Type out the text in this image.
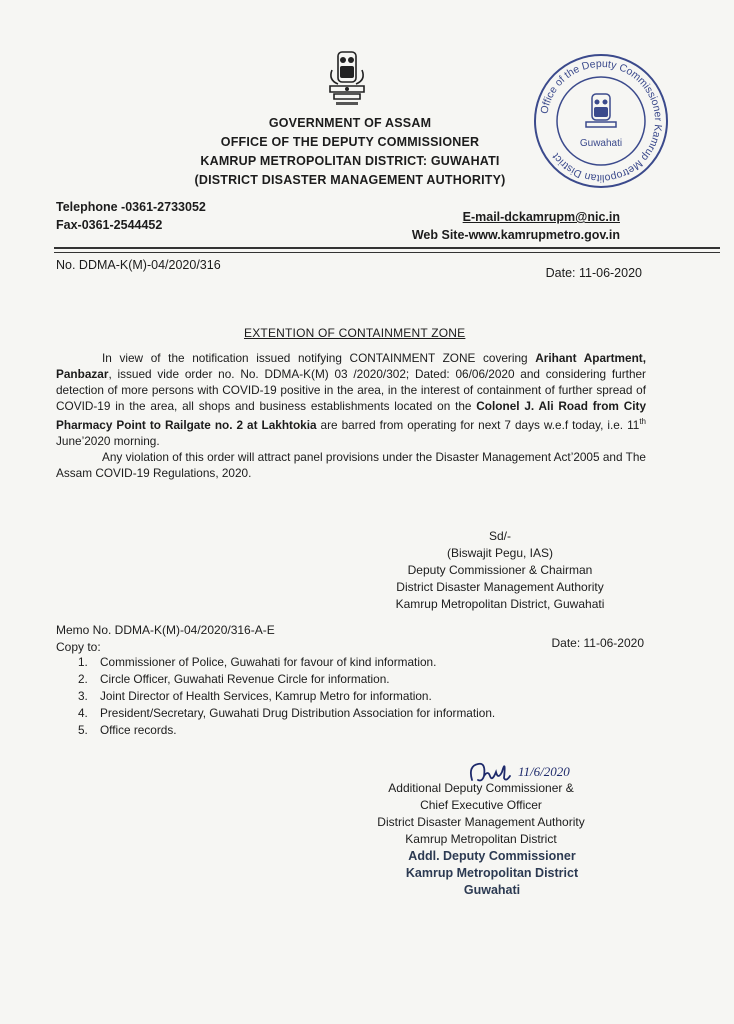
GOVERNMENT OF ASSAM
OFFICE OF THE DEPUTY COMMISSIONER
KAMRUP METROPOLITAN DISTRICT: GUWAHATI
(DISTRICT DISASTER MANAGEMENT AUTHORITY)
Office of the Deputy Commissioner Kamrup Metropolitan District
Guwahati
Telephone -0361-2733052
Fax-0361-2544452
E-mail-dckamrupm@nic.in
Web Site-www.kamrupmetro.gov.in
No. DDMA-K(M)-04/2020/316
Date: 11-06-2020
EXTENTION OF CONTAINMENT ZONE

In view of the notification issued notifying CONTAINMENT ZONE covering Arihant Apartment, Panbazar, issued vide order no. No. DDMA-K(M) 03 /2020/302; Dated: 06/06/2020 and considering further detection of more persons with COVID-19 positive in the area, in the interest of containment of further spread of COVID-19 in the area, all shops and business establishments located on the Colonel J. Ali Road from City Pharmacy Point to Railgate no. 2 at Lakhtokia are barred from operating for next 7 days w.e.f today, i.e. 11th June’2020 morning.

Any violation of this order will attract panel provisions under the Disaster Management Act’2005 and The Assam COVID-19 Regulations, 2020.

Sd/-
(Biswajit Pegu, IAS)
Deputy Commissioner & Chairman
District Disaster Management Authority
Kamrup Metropolitan District, Guwahati
Memo No. DDMA-K(M)-04/2020/316-A-E
Copy to:	Date: 11-06-2020
1. Commissioner of Police, Guwahati for favour of kind information.
2. Circle Officer, Guwahati Revenue Circle for information.
3. Joint Director of Health Services, Kamrup Metro for information.
4. President/Secretary, Guwahati Drug Distribution Association for information.
5. Office records.
11/6/2020
Additional Deputy Commissioner &
Chief Executive Officer
District Disaster Management Authority
Kamrup Metropolitan District
Addl. Deputy Commissioner
Kamrup Metropolitan District
Guwahati
